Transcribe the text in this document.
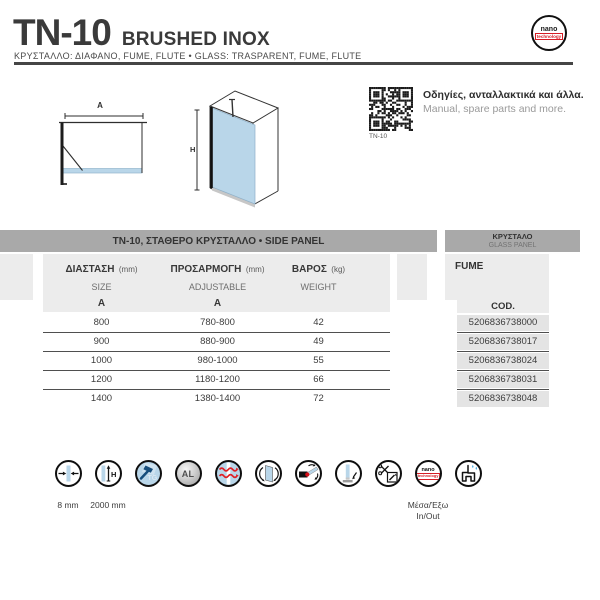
TN-10 BRUSHED INOX
ΚΡΥΣΤΑΛΛΟ: ΔΙΑΦΑΝΟ, FUME, FLUTE • GLASS: TRASPARENT, FUME, FLUTE
nano
technology
A
H
TN-10
Οδηγίες, ανταλλακτικά και άλλα.
Manual, spare parts and more.
TN-10, ΣΤΑΘΕΡΟ ΚΡΥΣΤΑΛΛΟ • SIDE PANEL	ΚΡΥΣΤΑΛΟ
GLASS PANEL
ΔΙΑΣΤΑΣΗ (mm)
SIZE
ΠΡΟΣΑΡΜΟΓΗ (mm)
ADJUSTABLE
ΒΑΡΟΣ (kg)
WEIGHT
A	A
FUME
COD.
800	780-800	42
900	880-900	49
1000	980-1000	55
1200	1180-1200	66
1400	1380-1400	72
5206836738000
5206836738017
5206836738024
5206836738031
5206836738048
H	TG	AL	nano
technology
8 mm	2000 mm	Μέσα/Έξω
In/Out
